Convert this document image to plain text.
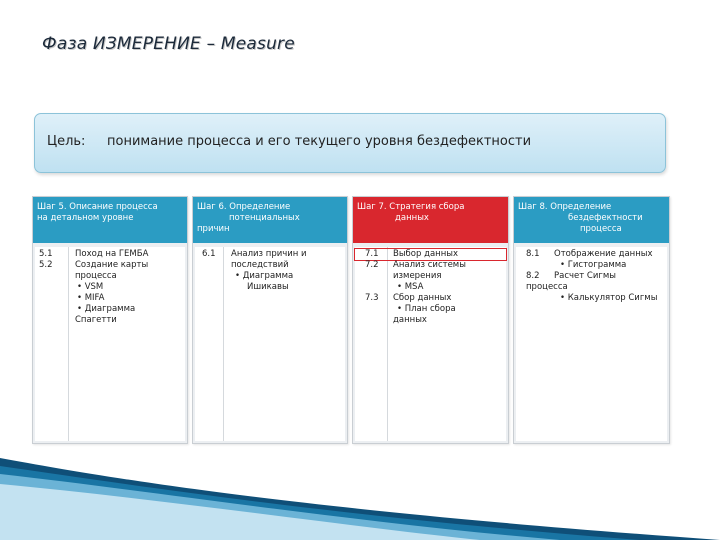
Фаза ИЗМЕРЕНИЕ – Measure
Цель: понимание процесса и его текущего уровня бездефектности
Шаг 5. Описание процесса
на детальном уровне
5.1	Поход на ГЕМБА
5.2	Создание карты
процесса
• VSM
• MIFA
• Диаграмма
Спагетти
Шаг 6. Определение
потенциальных
причин
6.1 Анализ причин и
последствий
• Диаграмма
Ишикавы
Шаг 7. Стратегия сбора
данных
7.1 Выбор данных
7.2 Анализ системы
измерения
• MSA
7.3 Сбор данных
• План сбора
данных
Шаг 8. Определение
бездефектности
процесса
8.1 Отображение данных
• Гистограмма
8.2 Расчет Сигмы
процесса
• Калькулятор Сигмы
